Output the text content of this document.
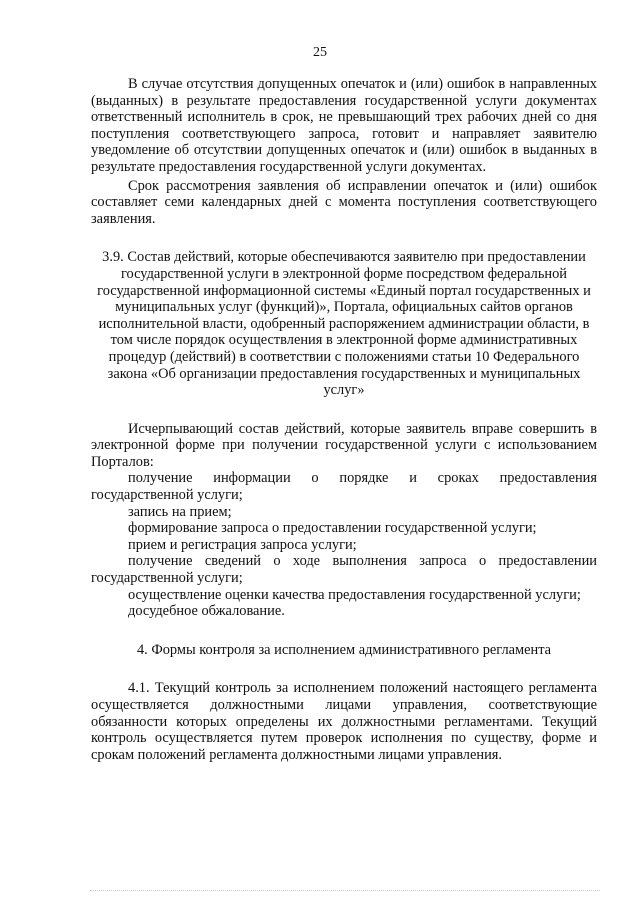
25

В случае отсутствия допущенных опечаток и (или) ошибок в направленных (выданных) в результате предоставления государственной услуги документах ответственный исполнитель в срок, не превышающий трех рабочих дней со дня поступления соответствующего запроса, готовит и направляет заявителю уведомление об отсутствии допущенных опечаток и (или) ошибок в выданных в результате предоставления государственной услуги документах.

Срок рассмотрения заявления об исправлении опечаток и (или) ошибок составляет семи календарных дней с момента поступления соответствующего заявления.

3.9. Состав действий, которые обеспечиваются заявителю при предоставлении государственной услуги в электронной форме посредством федеральной государственной информационной системы «Единый портал государственных и муниципальных услуг (функций)», Портала, официальных сайтов органов исполнительной власти, одобренный распоряжением администрации области, в том числе порядок осуществления в электронной форме административных процедур (действий) в соответствии с положениями статьи 10 Федерального закона «Об организации предоставления государственных и муниципальных услуг»

Исчерпывающий состав действий, которые заявитель вправе совершить в электронной форме при получении государственной услуги с использованием Порталов:

получение информации о порядке и сроках предоставления государственной услуги;

запись на прием;

формирование запроса о предоставлении государственной услуги;

прием и регистрация запроса услуги;

получение сведений о ходе выполнения запроса о предоставлении государственной услуги;

осуществление оценки качества предоставления государственной услуги;

досудебное обжалование.

4. Формы контроля за исполнением административного регламента

4.1. Текущий контроль за исполнением положений настоящего регламента осуществляется должностными лицами управления, соответствующие обязанности которых определены их должностными регламентами. Текущий контроль осуществляется путем проверок исполнения по существу, форме и срокам положений регламента должностными лицами управления.
